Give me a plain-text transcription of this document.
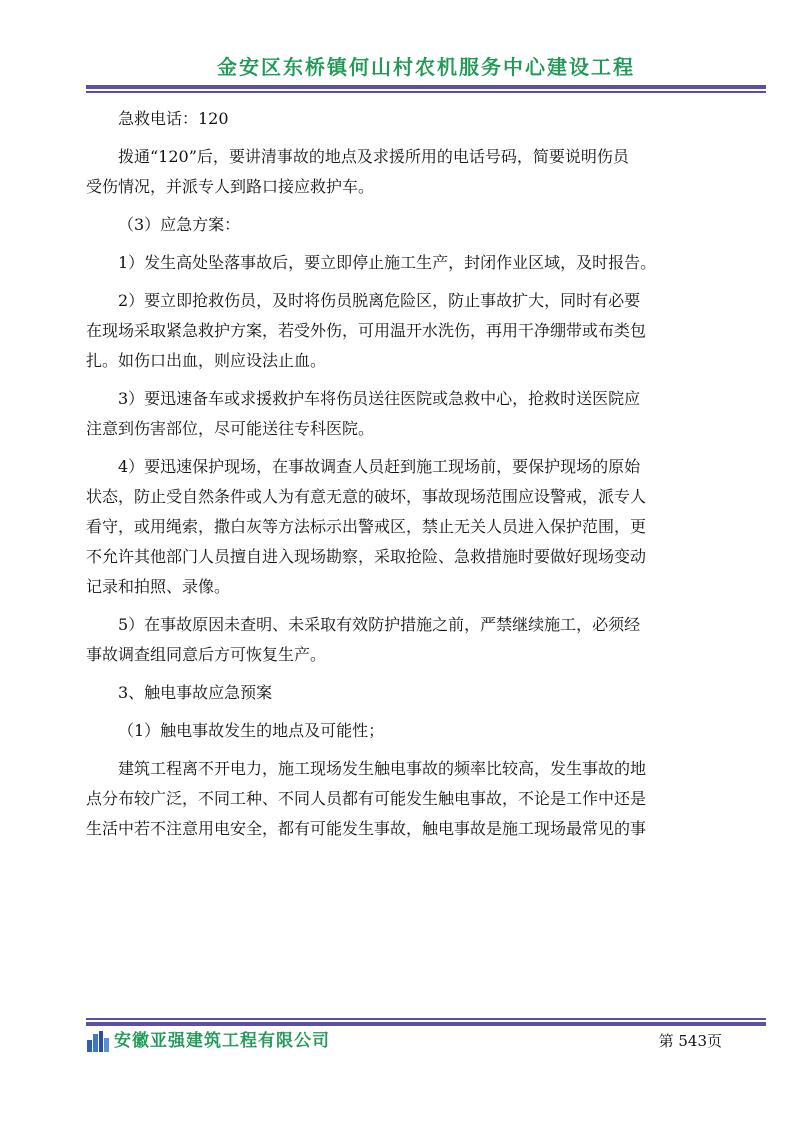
金安区东桥镇何山村农机服务中心建设工程
急救电话：120
拨通“120”后，要讲清事故的地点及求援所用的电话号码，简要说明伤员
受伤情况，并派专人到路口接应救护车。
（3）应急方案：
1）发生高处坠落事故后，要立即停止施工生产，封闭作业区域，及时报告。
2）要立即抢救伤员，及时将伤员脱离危险区，防止事故扩大，同时有必要
在现场采取紧急救护方案，若受外伤，可用温开水洗伤，再用干净绷带或布类包
扎。如伤口出血，则应设法止血。
3）要迅速备车或求援救护车将伤员送往医院或急救中心，抢救时送医院应
注意到伤害部位，尽可能送往专科医院。
4）要迅速保护现场，在事故调查人员赶到施工现场前，要保护现场的原始
状态，防止受自然条件或人为有意无意的破坏，事故现场范围应设警戒，派专人
看守，或用绳索，撒白灰等方法标示出警戒区，禁止无关人员进入保护范围，更
不允许其他部门人员擅自进入现场勘察，采取抢险、急救措施时要做好现场变动
记录和拍照、录像。
5）在事故原因未查明、未采取有效防护措施之前，严禁继续施工，必须经
事故调查组同意后方可恢复生产。
3、触电事故应急预案
（1）触电事故发生的地点及可能性；
建筑工程离不开电力，施工现场发生触电事故的频率比较高，发生事故的地
点分布较广泛，不同工种、不同人员都有可能发生触电事故，不论是工作中还是
生活中若不注意用电安全，都有可能发生事故，触电事故是施工现场最常见的事
安徽亚强建筑工程有限公司	第 543页
